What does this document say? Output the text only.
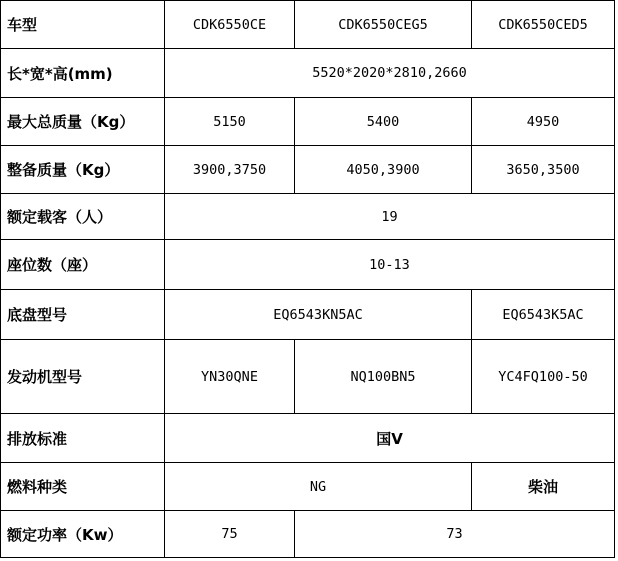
车型	CDK6550CE	CDK6550CEG5	CDK6550CED5
长*宽*高(mm)	5520*2020*2810,2660		
最大总质量（Kg）	5150	5400	4950
整备质量（Kg）	3900,3750	4050,3900	3650,3500
额定载客（人）	19		
座位数（座）	10-13		
底盘型号	EQ6543KN5AC		EQ6543K5AC
发动机型号	YN30QNE	NQ100BN5	YC4FQ100-50
排放标准	国Ⅴ		
燃料种类	NG		柴油
额定功率（Kw）	75	73	
